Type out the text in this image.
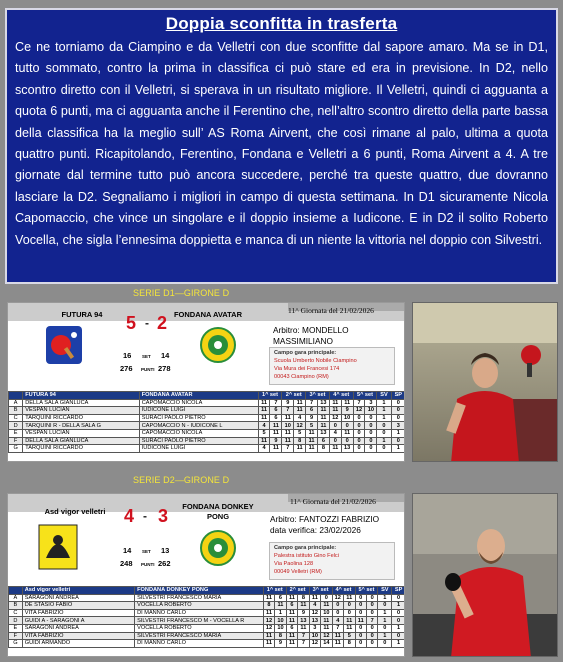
Doppia sconfitta in trasferta

Ce ne torniamo da Ciampino e da Velletri con due sconfitte dal sapore amaro. Ma se in D1, tutto sommato, contro la prima in classifica ci può stare ed era in previsione. In D2, nello scontro diretto con il Velletri, si sperava in un risultato migliore. Il Velletri, quindi ci agguanta a quota 6 punti, ma ci agguanta anche il Ferentino che, nell’altro scontro diretto della parte bassa della classifica ha la meglio sull’ AS Roma Airvent, che così rimane al palo, ultima a quota quattro punti. Ricapitolando, Ferentino, Fondana e Velletri a 6 punti, Roma Airvent a 4. A tre giornate dal termine tutto può ancora succedere, perché tra queste quattro, due dovranno lasciare la D2. Segnaliamo i migliori in campo di questa settimana. In D1 sicuramente Nicola Capomaccio, che vince un singolare e il doppio insieme a Iudicone. E in D2 il solito Roberto Vocella, che sigla l’ennesima doppietta e manca di un niente la vittoria nel doppio con Silvestri.

SERIE D1—GIRONE D
FUTURA 94	FONDANA AVATAR
5 - 2
16 SET 14
276 PUNTI 278
11^ Giornata del 21/02/2026
Arbitro: MONDELLO MASSIMILIANO
Campo gara principale:
Scuola Umberto Nobile Ciampino
Via Mura dei Francesi 174
00043 Ciampino (RM)
	FUTURA 94	FONDANA AVATAR	1^ set		2^ set		3^ set		4^ set		5^ set		SV	SP
A	DELLA SALA GIANLUCA	CAPOMACCIO NICOLA	11	7	9	11	7	13	11	11	7	3	1	0
B	VESPAN LUCIAN	IUDICONE LUIGI	11	6	7	11	6	11	11	9	12	10	1	0
C	TARQUINI RICCARDO	SURACI PAOLO PIETRO	11	6	11	4	9	11	12	10	0	0	1	0
D	TARQUINI R - DELLA SALA G	CAPOMACCIO N - IUDICONE L	4	11	10	12	5	11	0	0	0	0	0	3
E	VESPAN LUCIAN	CAPOMACCIO NICOLA	5	11	11	5	11	13	4	11	0	0	0	1
F	DELLA SALA GIANLUCA	SURACI PAOLO PIETRO	11	9	11	8	11	6	0	0	0	0	1	0
G	TARQUINI RICCARDO	IUDICONE LUIGI	4	11	7	11	11	8	11	13	0	0	0	1
SERIE D2—GIRONE D
Asd vigor velletri
FONDANA DONKEY PONG
4 - 3
14 SET 13
248 PUNTI 262
11^ Giornata del 21/02/2026
Arbitro: FANTOZZI FABRIZIO
data verifica: 23/02/2026
Campo gara principale:
Palestra istituto Gino Felci
Via Paolina 128
00049 Velletri (RM)
	Asd vigor velletri	FONDANA DONKEY PONG	1^ set		2^ set		3^ set		4^ set		5^ set		SV	SP
A	SARAGONI ANDREA	SILVESTRI FRANCESCO MARIA	11	6	11	8	11	0	12	11	0	0	1	0
B	DE STASIO FABIO	VOCELLA ROBERTO	8	11	6	11	4	11	0	0	0	0	0	1
C	VITA FABRIZIO	DI MANNO CARLO	11	1	11	9	12	10	0	0	0	0	1	0
D	GUIDI A - SARAGONI A	SILVESTRI FRANCESCO M - VOCELLA R	12	10	11	13	13	11	4	11	11	7	1	0
E	SARAGONI ANDREA	VOCELLA ROBERTO	12	10	6	11	3	11	7	11	0	0	0	1
F	VITA FABRIZIO	SILVESTRI FRANCESCO MARIA	11	8	11	7	10	12	11	5	0	0	1	0
G	GUIDI ARMANDO	DI MANNO CARLO	11	9	11	7	12	14	11	8	0	0	0	1
